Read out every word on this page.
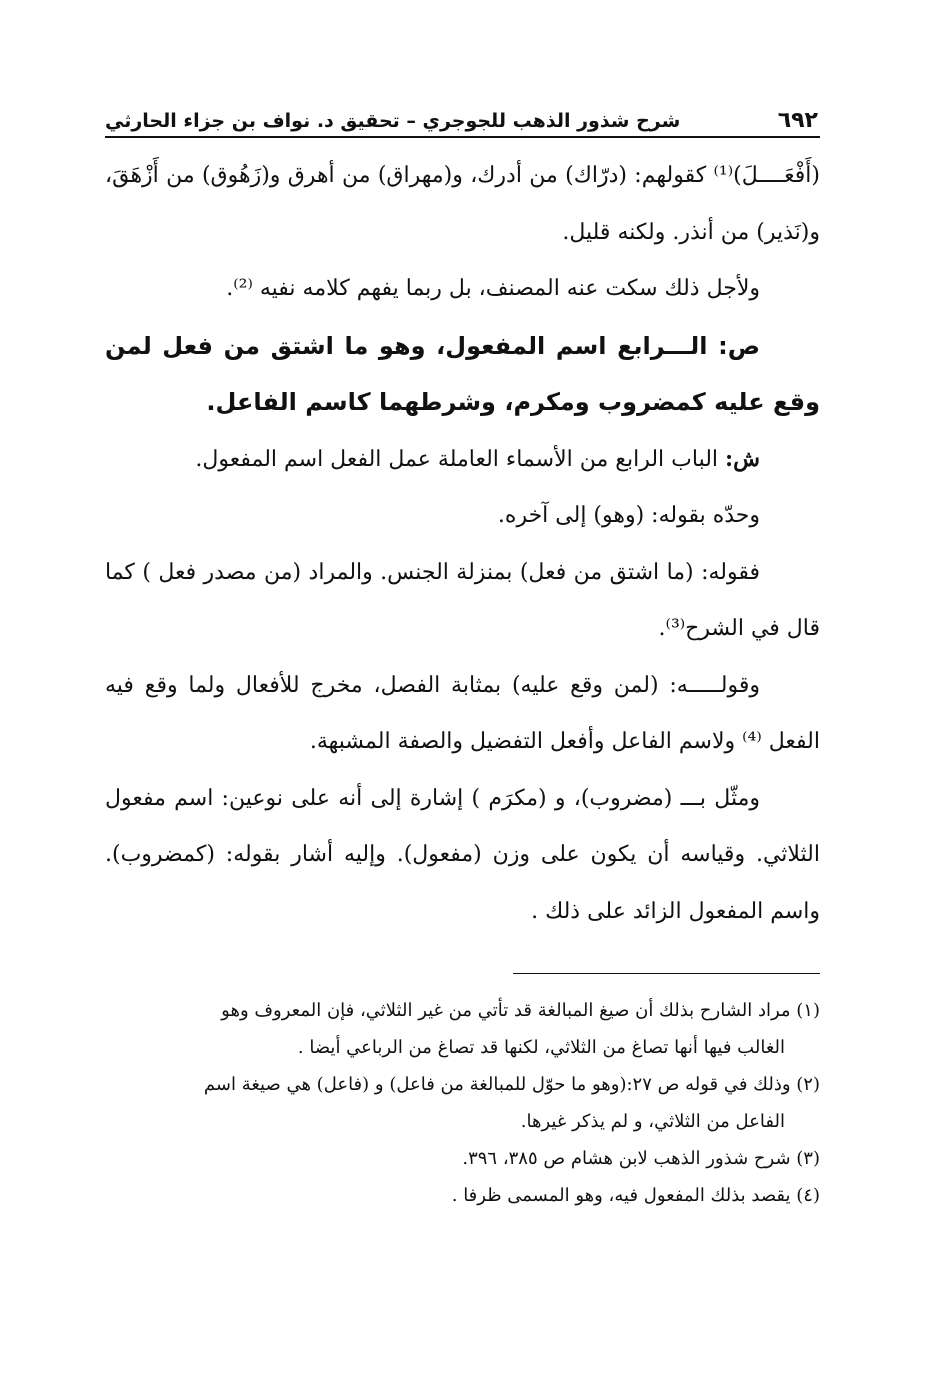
٦٩٢
شرح شذور الذهب للجوجري – تحقيق د. نواف بن جزاء الحارثي

(أَفْعَــــلَ)⁽¹⁾ كقولهم: (درّاك) من أدرك، و(مهراق) من أهرق و(زَهُوق) من أَزْهَقَ، و(نَذير) من أنذر. ولكنه قليل.

ولأجل ذلك سكت عنه المصنف، بل ربما يفهم كلامه نفيه ⁽²⁾.

ص: الـــرابع اسم المفعول، وهو ما اشتق من فعل لمن وقع عليه كمضروب ومكرم، وشرطهما كاسم الفاعل.

ش: الباب الرابع من الأسماء العاملة عمل الفعل اسم المفعول.

وحدّه بقوله: (وهو) إلى آخره.

فقوله: (ما اشتق من فعل) بمنزلة الجنس. والمراد (من مصدر فعل ) كما قال في الشرح⁽³⁾.

وقولـــــه: (لمن وقع عليه) بمثابة الفصل، مخرج للأفعال ولما وقع فيه الفعل ⁽⁴⁾ ولاسم الفاعل وأفعل التفضيل والصفة المشبهة.

ومثّل بـــ (مضروب)، و (مكرَم ) إشارة إلى أنه على نوعين: اسم مفعول الثلاثي. وقياسه أن يكون على وزن (مفعول). وإليه أشار بقوله: (كمضروب). واسم المفعول الزائد على ذلك .

(١) مراد الشارح بذلك أن صيغ المبالغة قد تأتي من غير الثلاثي، فإن المعروف وهو

الغالب فيها أنها تصاغ من الثلاثي، لكنها قد تصاغ من الرباعي أيضا .

(٢) وذلك في قوله ص ٢٧:(وهو ما حوّل للمبالغة من فاعل) و (فاعل) هي صيغة اسم

الفاعل من الثلاثي، و لم يذكر غيرها.

(٣) شرح شذور الذهب لابن هشام ص ٣٨٥، ٣٩٦.

(٤) يقصد بذلك المفعول فيه، وهو المسمى ظرفا .
